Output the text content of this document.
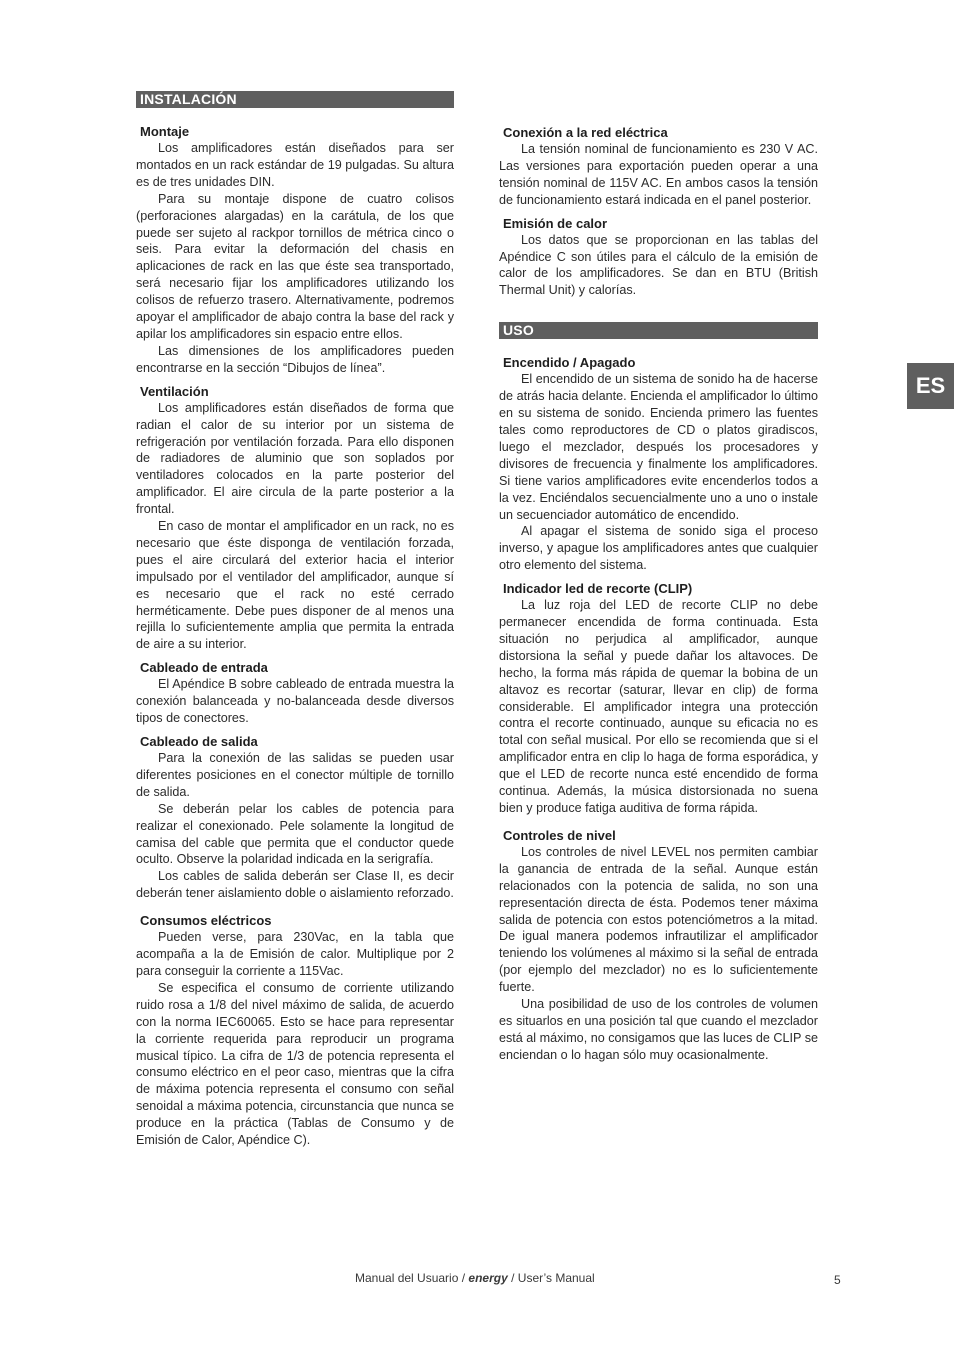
INSTALACIÓN
Montaje

Los amplificadores están diseñados para ser montados en un rack estándar de 19 pulgadas. Su altura es de tres unidades DIN.

Para su montaje dispone de cuatro colisos (perforaciones alargadas) en la carátula, de los que puede ser sujeto al rackpor tornillos de métrica cinco o seis. Para evitar la deformación del chasis en aplicaciones de rack en las que éste sea transportado, será necesario fijar los amplificadores utilizando los colisos de refuerzo trasero. Alternativamente, podremos apoyar el amplificador de abajo contra la base del rack y apilar los amplificadores sin espacio entre ellos.

Las dimensiones de los amplificadores pueden encontrarse en la sección “Dibujos de línea”.

Ventilación

Los amplificadores están diseñados de forma que radian el calor de su interior por un sistema de refrigeración por ventilación forzada. Para ello disponen de radiadores de aluminio que son soplados por ventiladores colocados en la parte posterior del amplificador. El aire circula de la parte posterior a la frontal.

En caso de montar el amplificador en un rack, no es necesario que éste disponga de ventilación forzada, pues el aire circulará del exterior hacia el interior impulsado por el ventilador del amplificador, aunque sí es necesario que el rack no esté cerrado herméticamente. Debe pues disponer de al menos una rejilla lo suficientemente amplia que permita la entrada de aire a su interior.

Cableado de entrada

El Apéndice B sobre cableado de entrada muestra la conexión balanceada y no-balanceada desde diversos tipos de conectores.

Cableado de salida

Para la conexión de las salidas se pueden usar diferentes posiciones en el conector múltiple de tornillo de salida.

Se deberán pelar los cables de potencia para realizar el conexionado. Pele solamente la longitud de camisa del cable que permita que el conductor quede oculto. Observe la polaridad indicada en la serigrafía.

Los cables de salida deberán ser Clase II, es decir deberán tener aislamiento doble o aislamiento reforzado.

Consumos eléctricos

Pueden verse, para 230Vac, en la tabla que acompaña a la de Emisión de calor. Multiplique por 2 para conseguir la corriente a 115Vac.

Se especifica el consumo de corriente utilizando ruido rosa a 1/8 del nivel máximo de salida, de acuerdo con la norma IEC60065. Esto se hace para representar la corriente requerida para reproducir un programa musical típico. La cifra de 1/3 de potencia representa el consumo eléctrico en el peor caso, mientras que la cifra de máxima potencia representa el consumo con señal senoidal a máxima potencia, circunstancia que nunca se produce en la práctica (Tablas de Consumo y de Emisión de Calor, Apéndice C).

Conexión a la red eléctrica

La tensión nominal de funcionamiento es 230 V AC. Las versiones para exportación pueden operar a una tensión nominal de 115V AC. En ambos casos la tensión de funcionamiento estará indicada en el panel posterior.

Emisión de calor

Los datos que se proporcionan en las tablas del Apéndice C son útiles para el cálculo de la emisión de calor de los amplificadores. Se dan en BTU (British Thermal Unit) y calorías.

USO
Encendido / Apagado

El encendido de un sistema de sonido ha de hacerse de atrás hacia delante. Encienda el amplificador lo último en su sistema de sonido. Encienda primero las fuentes tales como reproductores de CD o platos giradiscos, luego el mezclador, después los procesadores y divisores de frecuencia y finalmente los amplificadores. Si tiene varios amplificadores evite encenderlos todos a la vez. Enciéndalos secuencialmente uno a uno o instale un secuenciador automático de encendido.

Al apagar el sistema de sonido siga el proceso inverso, y apague los amplificadores antes que cualquier otro elemento del sistema.

Indicador led de recorte (CLIP)

La luz roja del LED de recorte CLIP no debe permanecer encendida de forma continuada. Esta situación no perjudica al amplificador, aunque distorsiona la señal y puede dañar los altavoces. De hecho, la forma más rápida de quemar la bobina de un altavoz es recortar (saturar, llevar en clip) de forma considerable. El amplificador integra una protección contra el recorte continuado, aunque su eficacia no es total con señal musical. Por ello se recomienda que si el amplificador entra en clip lo haga de forma esporádica, y que el LED de recorte nunca esté encendido de forma continua. Además, la música distorsionada no suena bien y produce fatiga auditiva de forma rápida.

Controles de nivel

Los controles de nivel LEVEL nos permiten cambiar la ganancia de entrada de la señal. Aunque están relacionados con la potencia de salida, no son una representación directa de ésta. Podemos tener máxima salida de potencia con estos potenciómetros a la mitad. De igual manera podemos infrautilizar el amplificador teniendo los volúmenes al máximo si la señal de entrada (por ejemplo del mezclador) no es lo suficientemente fuerte.

Una posibilidad de uso de los controles de volumen es situarlos en una posición tal que cuando el mezclador está al máximo, no consigamos que las luces de CLIP se enciendan o lo hagan sólo muy ocasionalmente.

ES
Manual del Usuario / energy / User’s Manual	5
